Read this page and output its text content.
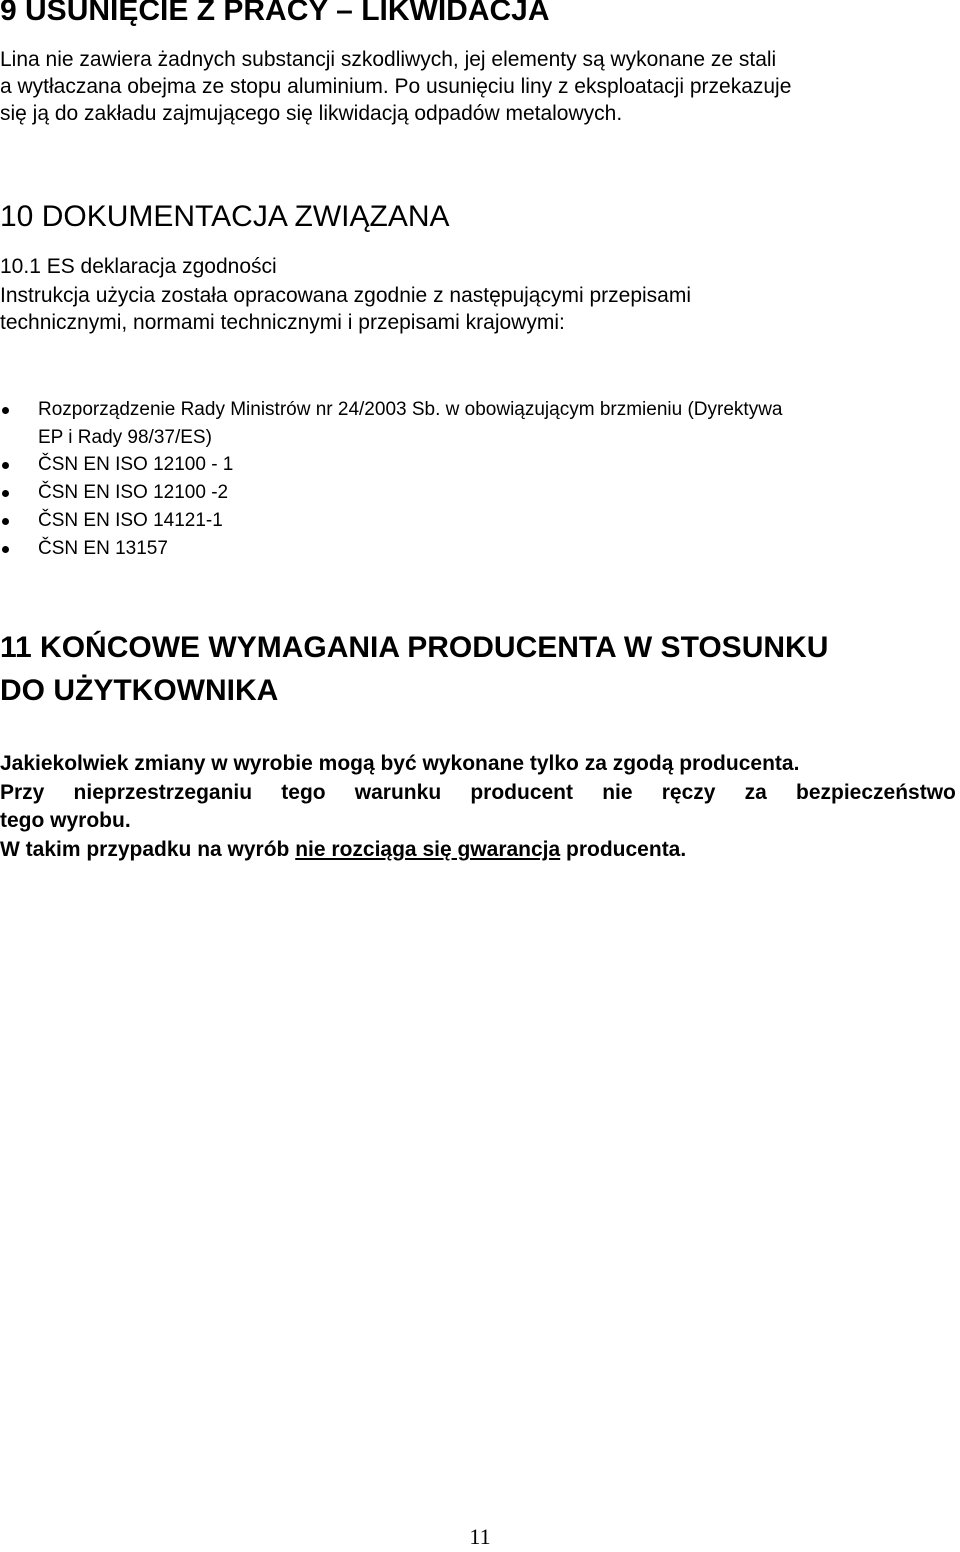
9 USUNIĘCIE Z PRACY – LIKWIDACJA
Lina nie zawiera żadnych substancji szkodliwych, jej elementy są wykonane ze stali
a wytłaczana obejma ze stopu aluminium. Po usunięciu liny z eksploatacji przekazuje
się ją do zakładu zajmującego się likwidacją odpadów metalowych.
10 DOKUMENTACJA ZWIĄZANA
10.1 ES deklaracja zgodności
Instrukcja użycia została opracowana zgodnie z następującymi przepisami
technicznymi, normami technicznymi i przepisami krajowymi:
Rozporządzenie Rady Ministrów nr 24/2003 Sb. w obowiązującym brzmieniu (Dyrektywa
EP i Rady 98/37/ES)
ČSN EN ISO 12100 - 1
ČSN EN ISO 12100 -2
ČSN EN ISO 14121-1
ČSN EN 13157
11 KOŃCOWE WYMAGANIA PRODUCENTA W STOSUNKU
DO UŻYTKOWNIKA
Jakiekolwiek zmiany w wyrobie mogą być wykonane tylko za zgodą producenta.
Przy nieprzestrzeganiu tego warunku producent nie ręczy za bezpieczeństwo
tego wyrobu.
W takim przypadku na wyrób nie rozciąga się gwarancja producenta.
11
